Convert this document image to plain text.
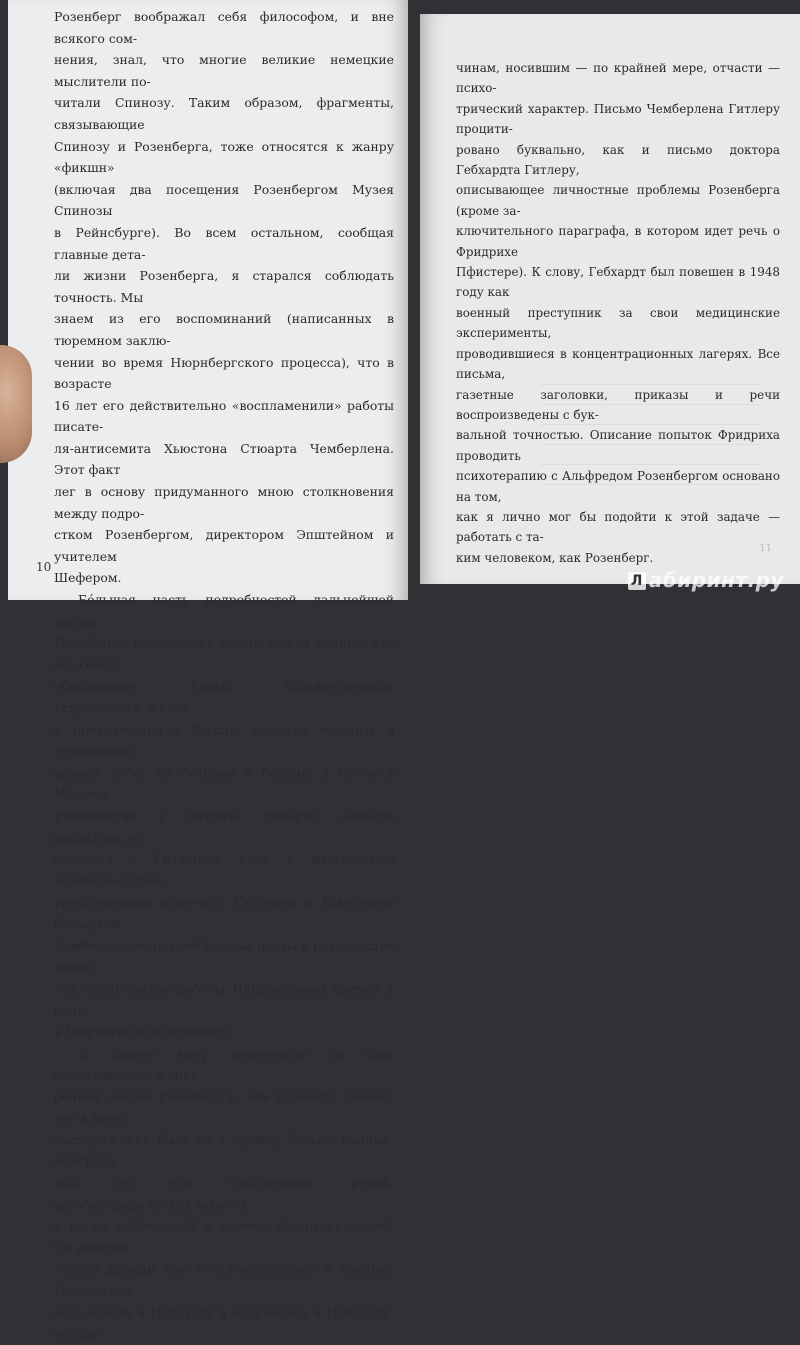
Розенберг воображал себя философом, и вне всякого сом-
нения, знал, что многие великие немецкие мыслители по-
читали Спинозу. Таким образом, фрагменты, связывающие
Спинозу и Розенберга, тоже относятся к жанру «фикшн»
(включая два посещения Розенбергом Музея Спинозы
в Рейнсбурге). Во всем остальном, сообщая главные дета-
ли жизни Розенберга, я старался соблюдать точность. Мы
знаем из его воспоминаний (написанных в тюремном заклю-
чении во время Нюрнбергского процесса), что в возрасте
16 лет его действительно «воспламенили» работы писате-
ля-антисемита Хьюстона Стюарта Чемберлена. Этот факт
лег в основу придуманного мною столкновения между подро-
стком Розенбергом, директором Эпштейном и учителем
Шефером.

Бóльшая часть подробностей дальнейшей жизни
Розенберга основана на исторических данных: это его семья,
образование, браки, художественные устремления, жизнь
и приключения в России, попытка вступить в германскую
армию, побег из Эстонии в Берлин, а потом в Мюнхен,
ученичество у Дитриха Эккарта, карьера редактора, от-
ношения с Гитлером, роль в мюнхенском «пивном» путче,
трехсторонняя встреча с Гитлером и Хьюстоном Стюартом
Чемберленом, разнообразные посты в руководстве нацис-
тов, писательские работы, Национальная премия и роль
в Нюрнбергском процессе.

Я скорее могу поручиться за свое представление о внут-
ренней жизни Розенберга, чем Спинозы, потому что в моем
распоряжении было не в пример больше данных, почерпну-
тых из его собственных речей, автобиографических заметок,
а также наблюдений и замечаний других людей. Он действи-
тельно дважды был госпитализирован в клинику Гогенлихен:
на 3 недели в 1935 году и на 6 недель в 1936 году, по при-

10

чинам, носившим — по крайней мере, отчасти — психо-
трический характер. Письмо Чемберлена Гитлеру процити-
ровано буквально, как и письмо доктора Гебхардта Гитлеру,
описывающее личностные проблемы Розенберга (кроме за-
ключительного параграфа, в котором идет речь о Фридрихе
Пфистере). К слову, Гебхардт был повешен в 1948 году как
военный преступник за свои медицинские эксперименты,
проводившиеся в концентрационных лагерях. Все письма,
газетные заголовки, приказы и речи воспроизведены с бук-
вальной точностью. Описание попыток Фридриха проводить
психотерапию с Альфредом Розенбергом основано на том,
как я лично мог бы подойти к этой задаче — работать с та-
ким человеком, как Розенберг.

11
Л абиринт.ру
